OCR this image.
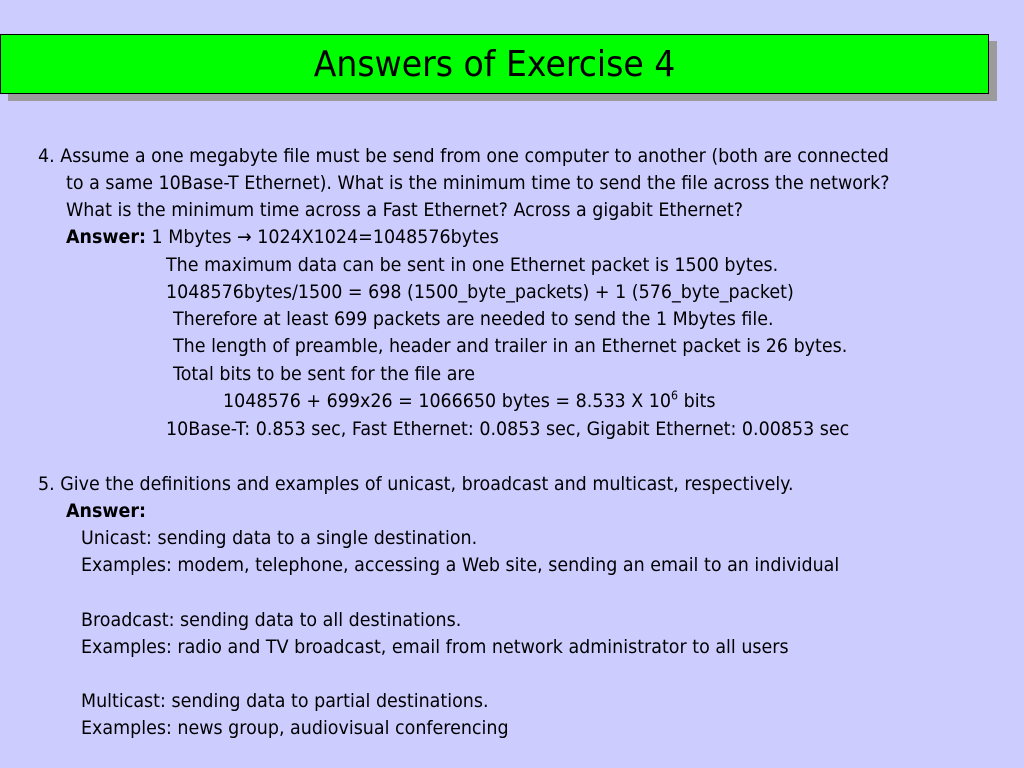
Answers of Exercise 4
4. Assume a one megabyte file must be send from one computer to another (both are connected
to a same 10Base-T Ethernet). What is the minimum time to send the file across the network?
What is the minimum time across a Fast Ethernet? Across a gigabit Ethernet?
Answer: 1 Mbytes → 1024X1024=1048576bytes
The maximum data can be sent in one Ethernet packet is 1500 bytes.
1048576bytes/1500 = 698 (1500_byte_packets) + 1 (576_byte_packet)
Therefore at least 699 packets are needed to send the 1 Mbytes file.
The length of preamble, header and trailer in an Ethernet packet is 26 bytes.
Total bits to be sent for the file are
1048576 + 699x26 = 1066650 bytes = 8.533 X $10^6$ bits
10Base-T: 0.853 sec, Fast Ethernet: 0.0853 sec, Gigabit Ethernet: 0.00853 sec
5. Give the definitions and examples of unicast, broadcast and multicast, respectively.
Answer:
Unicast: sending data to a single destination.
Examples: modem, telephone, accessing a Web site, sending an email to an individual
Broadcast: sending data to all destinations.
Examples: radio and TV broadcast, email from network administrator to all users
Multicast: sending data to partial destinations.
Examples: news group, audiovisual conferencing
